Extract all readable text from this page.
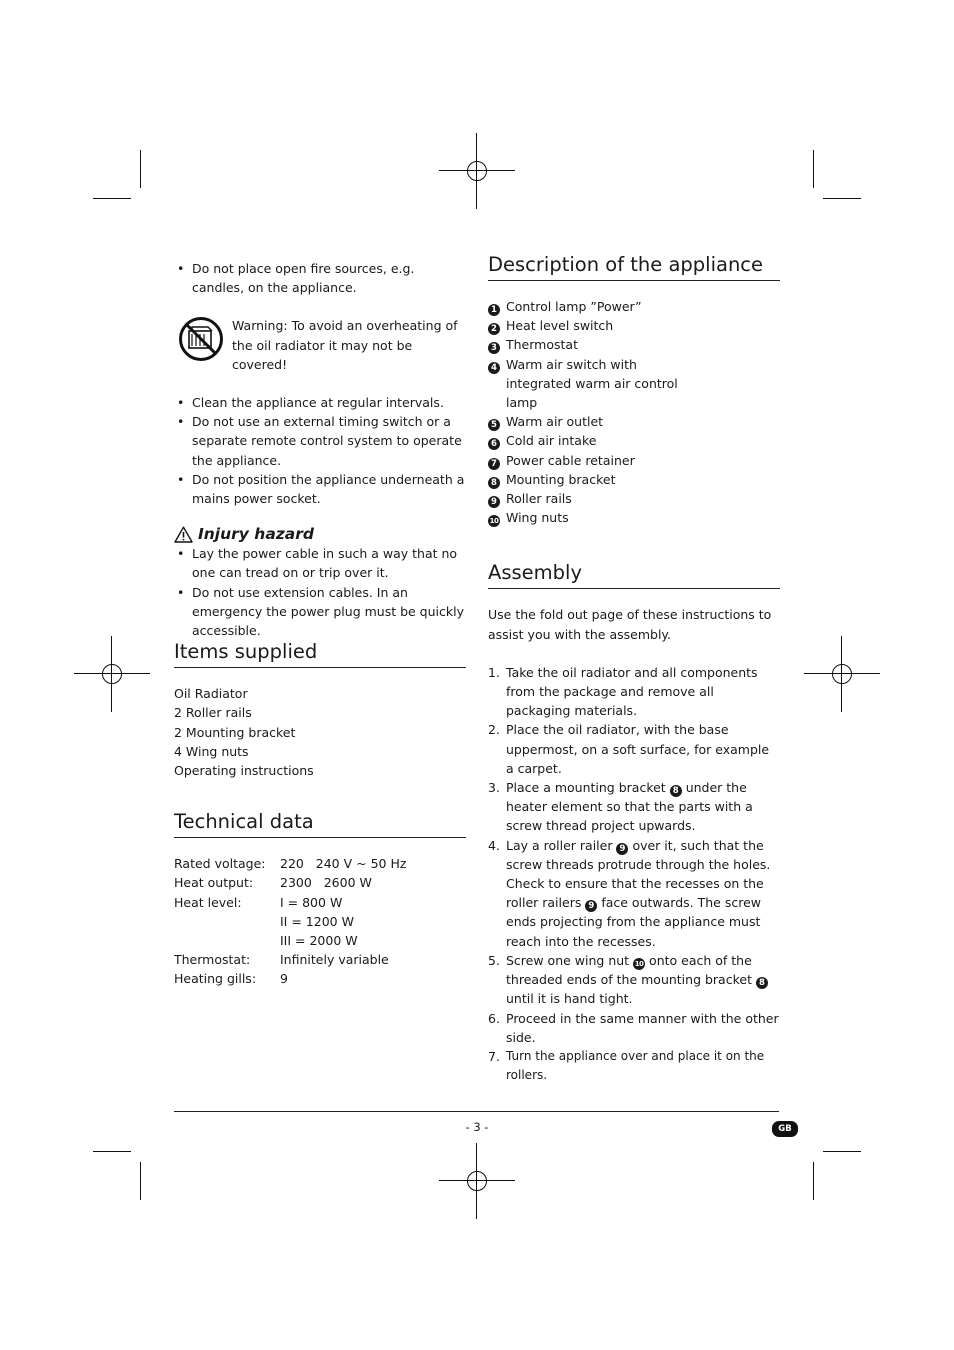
• Do not place open fire sources, e.g. candles, on the appliance.
Warning: To avoid an overheating of the oil radiator it may not be covered!
• Clean the appliance at regular intervals.
• Do not use an external timing switch or a separate remote control system to operate the appliance.
• Do not position the appliance underneath a mains power socket.
Injury hazard
• Lay the power cable in such a way that no one can tread on or trip over it.
• Do not use extension cables. In an emergency the power plug must be quickly accessible.
Items supplied
Oil Radiator
2 Roller rails
2 Mounting bracket
4 Wing nuts
Operating instructions
Technical data
Rated voltage:	220   240 V ~ 50 Hz
Heat output:	2300   2600 W
Heat level:	I = 800 W
II = 1200 W
III = 2000 W
Thermostat:	Infinitely variable
Heating gills:	9
Description of the appliance
1 Control lamp ”Power”
2 Heat level switch
3 Thermostat
4 Warm air switch with integrated warm air control lamp
5 Warm air outlet
6 Cold air intake
7 Power cable retainer
8 Mounting bracket
9 Roller rails
10 Wing nuts
Assembly
Use the fold out page of these instructions to assist you with the assembly.
1. Take the oil radiator and all components from the package and remove all packaging materials.
2. Place the oil radiator, with the base uppermost, on a soft surface, for example a carpet.
3. Place a mounting bracket 8 under the heater element so that the parts with a screw thread project upwards.
4. Lay a roller railer 9 over it, such that the screw threads protrude through the holes. Check to ensure that the recesses on the roller railers 9 face outwards. The screw ends projecting from the appliance must reach into the recesses.
5. Screw one wing nut 10 onto each of the threaded ends of the mounting bracket 8 until it is hand tight.
6. Proceed in the same manner with the other side.
7. Turn the appliance over and place it on the rollers.
- 3 -	GB
